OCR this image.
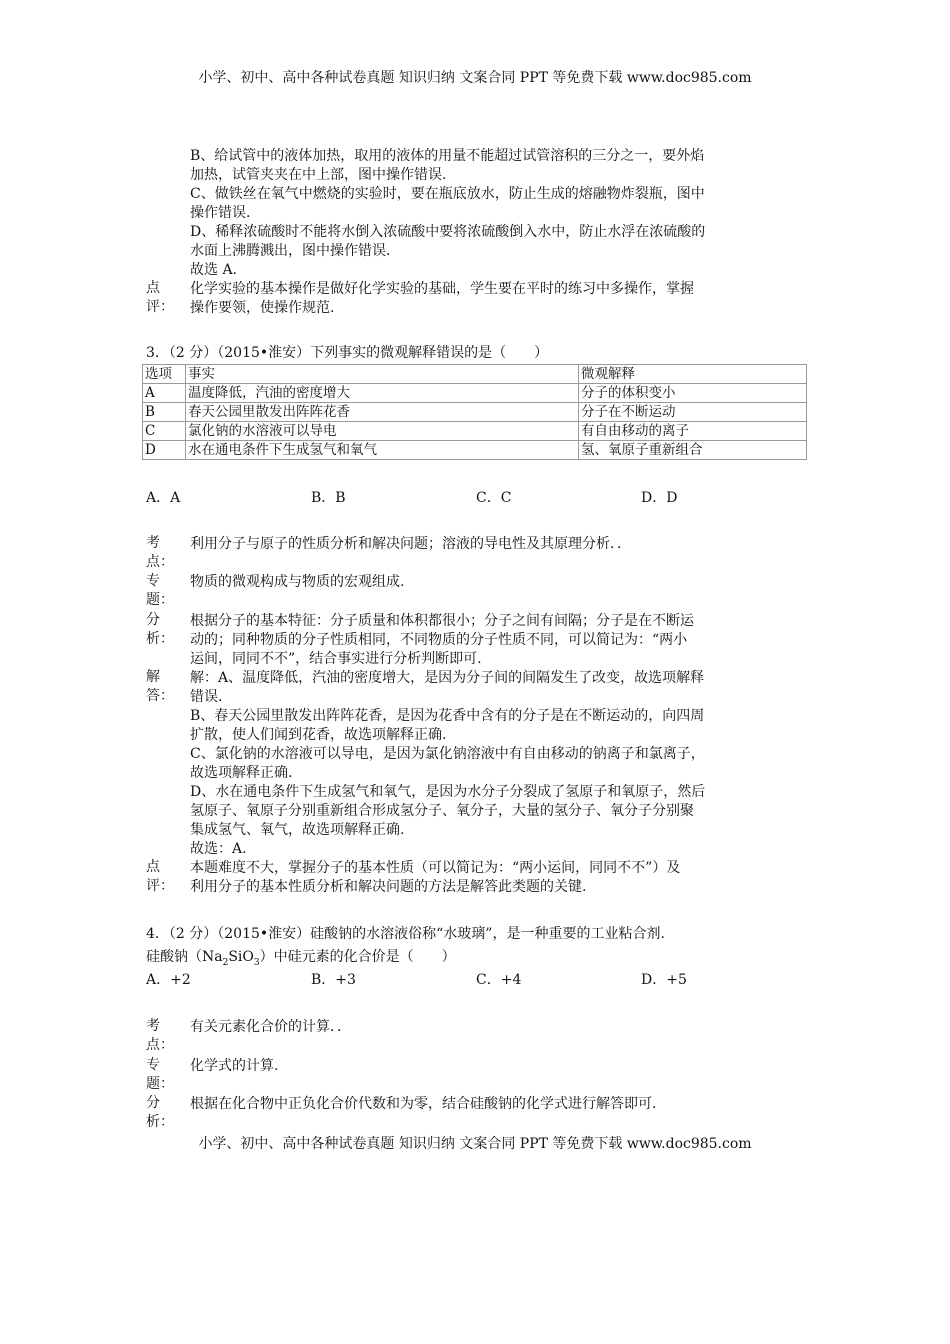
小学、初中、高中各种试卷真题 知识归纳 文案合同 PPT 等免费下载 www.doc985.com
B、给试管中的液体加热，取用的液体的用量不能超过试管溶积的三分之一，要外焰
加热，试管夹夹在中上部，图中操作错误.
C、做铁丝在氧气中燃烧的实验时，要在瓶底放水，防止生成的熔融物炸裂瓶，图中
操作错误.
D、稀释浓硫酸时不能将水倒入浓硫酸中要将浓硫酸倒入水中，防止水浮在浓硫酸的
水面上沸腾溅出，图中操作错误.
故选 A.
点
评：
化学实验的基本操作是做好化学实验的基础，学生要在平时的练习中多操作，掌握
操作要领，使操作规范.
3．（2 分）（2015•淮安）下列事实的微观解释错误的是（　　）
选项	事实	微观解释
A	温度降低，汽油的密度增大	分子的体积变小
B	春天公园里散发出阵阵花香	分子在不断运动
C	氯化钠的水溶液可以导电	有自由移动的离子
D	水在通电条件下生成氢气和氧气	氢、氧原子重新组合
A．A	B．B	C．C	D．D
考
点：
利用分子与原子的性质分析和解决问题；溶液的导电性及其原理分析．．
专
题：
物质的微观构成与物质的宏观组成.
分
析：
根据分子的基本特征：分子质量和体积都很小；分子之间有间隔；分子是在不断运
动的；同种物质的分子性质相同，不同物质的分子性质不同，可以简记为：“两小
运间，同同不不”，结合事实进行分析判断即可.
解
答：
解：A、温度降低，汽油的密度增大，是因为分子间的间隔发生了改变，故选项解释
错误.
B、春天公园里散发出阵阵花香，是因为花香中含有的分子是在不断运动的，向四周
扩散，使人们闻到花香，故选项解释正确.
C、氯化钠的水溶液可以导电，是因为氯化钠溶液中有自由移动的钠离子和氯离子，
故选项解释正确.
D、水在通电条件下生成氢气和氧气，是因为水分子分裂成了氢原子和氧原子，然后
氢原子、氧原子分别重新组合形成氢分子、氧分子，大量的氢分子、氧分子分别聚
集成氢气、氧气，故选项解释正确.
故选：A.
点
评：
本题难度不大，掌握分子的基本性质（可以简记为：“两小运间，同同不不”）及
利用分子的基本性质分析和解决问题的方法是解答此类题的关键.
4．（2 分）（2015•淮安）硅酸钠的水溶液俗称“水玻璃”，是一种重要的工业粘合剂.
硅酸钠$(Na_2SiO_3)$中硅元素的化合价是（　　）
A．+2	B．+3	C．+4	D．+5
考
点：
有关元素化合价的计算．．
专
题：
化学式的计算.
分
析：
根据在化合物中正负化合价代数和为零，结合硅酸钠的化学式进行解答即可.
小学、初中、高中各种试卷真题 知识归纳 文案合同 PPT 等免费下载 www.doc985.com
